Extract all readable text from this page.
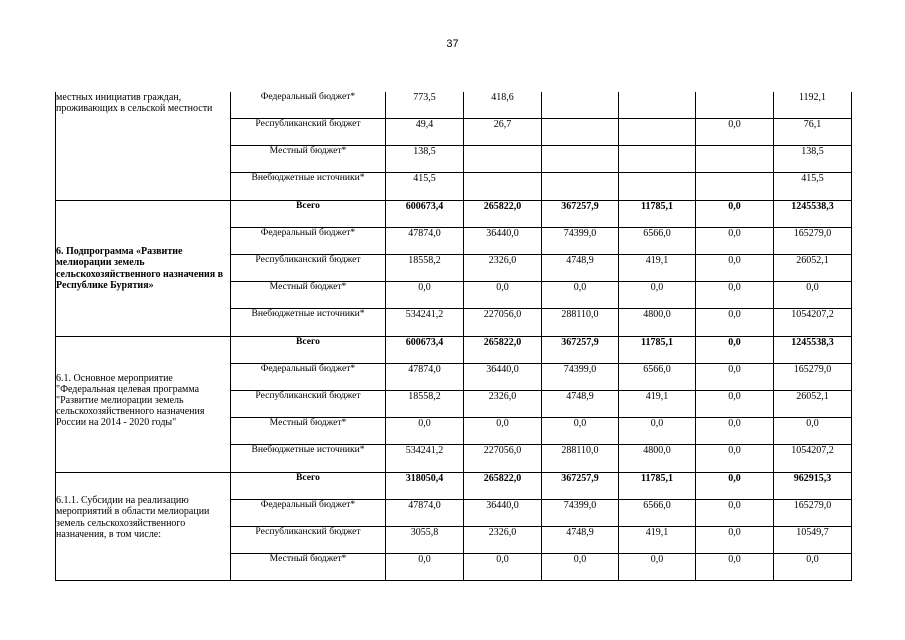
37
местных инициатив граждан, проживающих в сельской местности	Федеральный бюджет*	773,5	418,6				1192,1
	Республиканский бюджет	49,4	26,7			0,0	76,1
	Местный бюджет*	138,5					138,5
	Внебюджетные источники*	415,5					415,5
6. Подпрограмма «Развитие мелиорации земель сельскохозяйственного назначения в Республике Бурятия»	Всего	600673,4	265822,0	367257,9	11785,1	0,0	1245538,3
	Федеральный бюджет*	47874,0	36440,0	74399,0	6566,0	0,0	165279,0
	Республиканский бюджет	18558,2	2326,0	4748,9	419,1	0,0	26052,1
	Местный бюджет*	0,0	0,0	0,0	0,0	0,0	0,0
	Внебюджетные источники*	534241,2	227056,0	288110,0	4800,0	0,0	1054207,2
6.1. Основное мероприятие "Федеральная целевая программа "Развитие мелиорации земель сельскохозяйственного назначения России на 2014 - 2020 годы"	Всего	600673,4	265822,0	367257,9	11785,1	0,0	1245538,3
	Федеральный бюджет*	47874,0	36440,0	74399,0	6566,0	0,0	165279,0
	Республиканский бюджет	18558,2	2326,0	4748,9	419,1	0,0	26052,1
	Местный бюджет*	0,0	0,0	0,0	0,0	0,0	0,0
	Внебюджетные источники*	534241,2	227056,0	288110,0	4800,0	0,0	1054207,2
6.1.1. Субсидии на реализацию мероприятий в области мелиорации земель сельскохозяйственного назначения, в том числе:	Всего	318050,4	265822,0	367257,9	11785,1	0,0	962915,3
	Федеральный бюджет*	47874,0	36440,0	74399,0	6566,0	0,0	165279,0
	Республиканский бюджет	3055,8	2326,0	4748,9	419,1	0,0	10549,7
	Местный бюджет*	0,0	0,0	0,0	0,0	0,0	0,0
